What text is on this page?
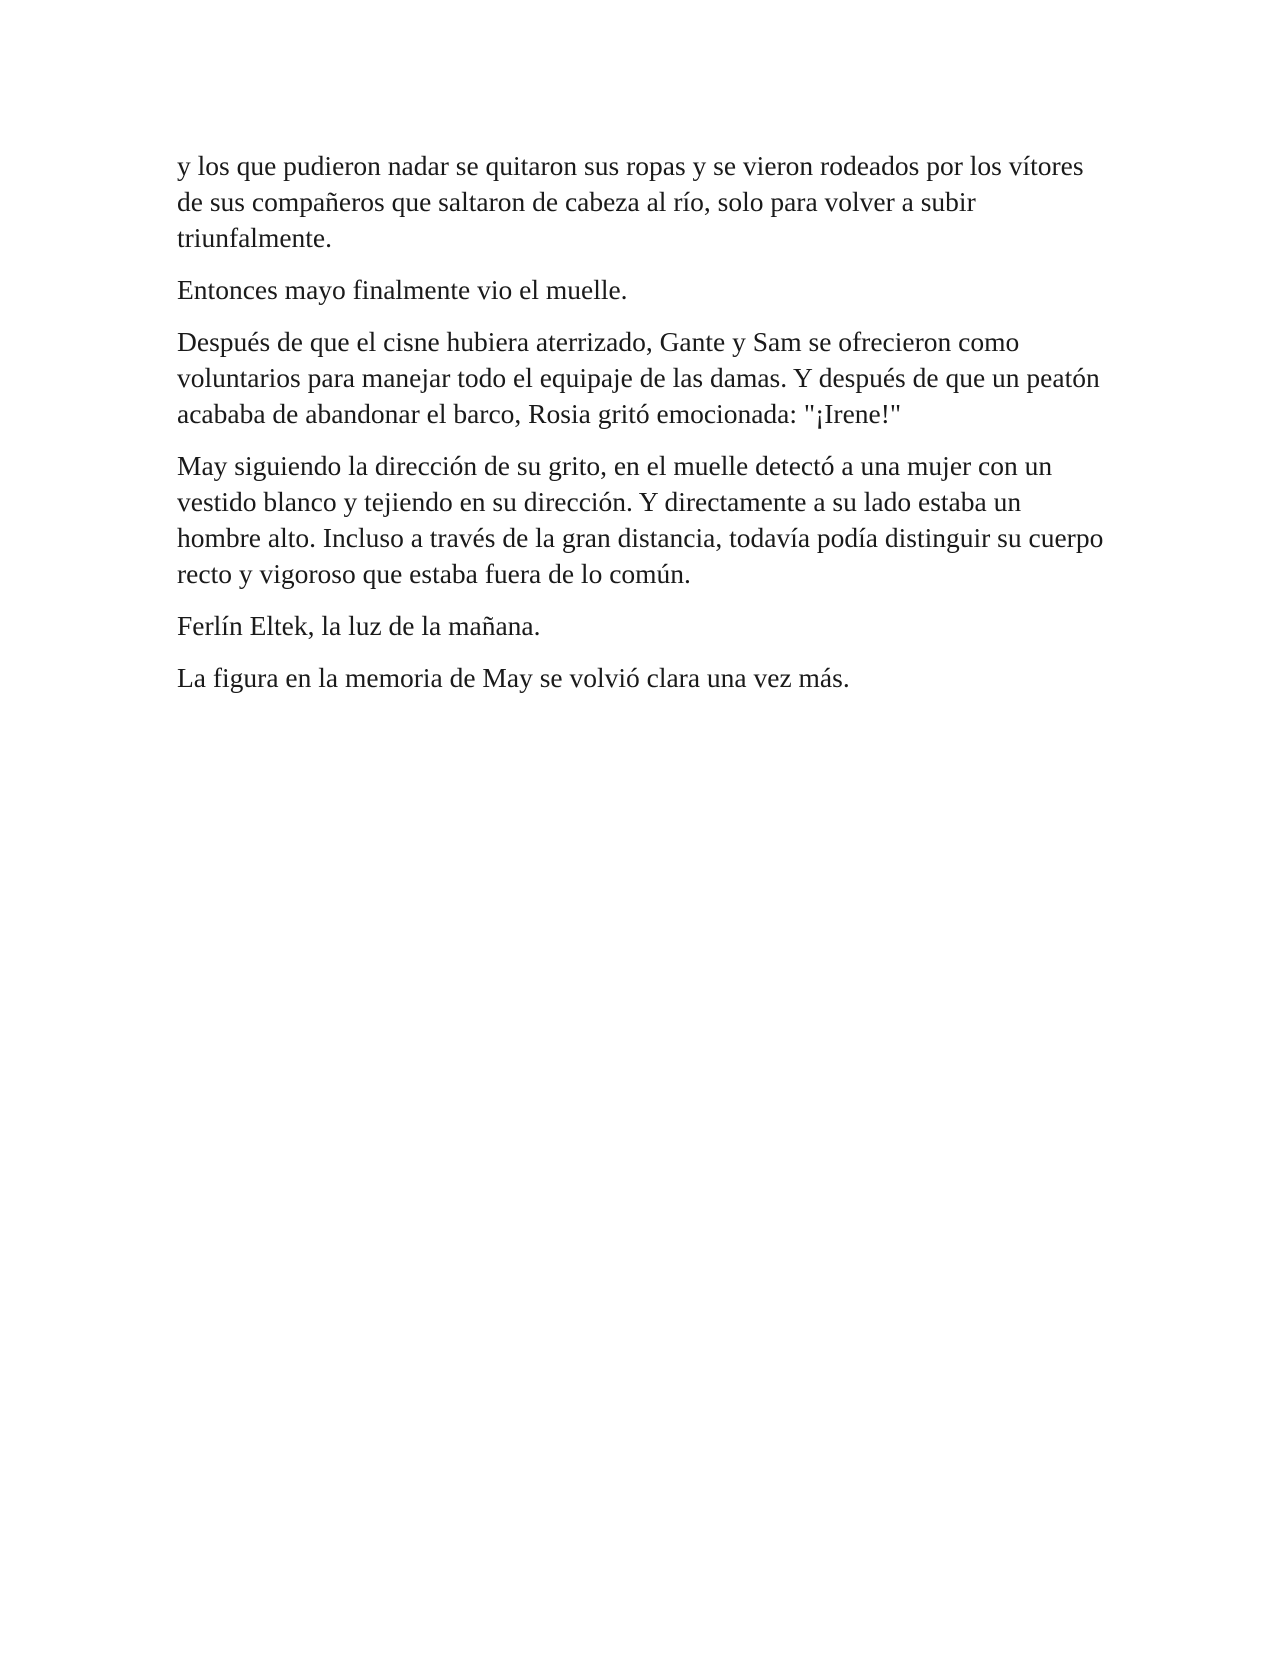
y los que pudieron nadar se quitaron sus ropas y se vieron rodeados por los vítores de sus compañeros que saltaron de cabeza al río, solo para volver a subir triunfalmente.

Entonces mayo finalmente vio el muelle.

Después de que el cisne hubiera aterrizado, Gante y Sam se ofrecieron como voluntarios para manejar todo el equipaje de las damas. Y después de que un peatón acababa de abandonar el barco, Rosia gritó emocionada: "¡Irene!"

May siguiendo la dirección de su grito, en el muelle detectó a una mujer con un vestido blanco y tejiendo en su dirección. Y directamente a su lado estaba un hombre alto. Incluso a través de la gran distancia, todavía podía distinguir su cuerpo recto y vigoroso que estaba fuera de lo común.

Ferlín Eltek, la luz de la mañana.

La figura en la memoria de May se volvió clara una vez más.
